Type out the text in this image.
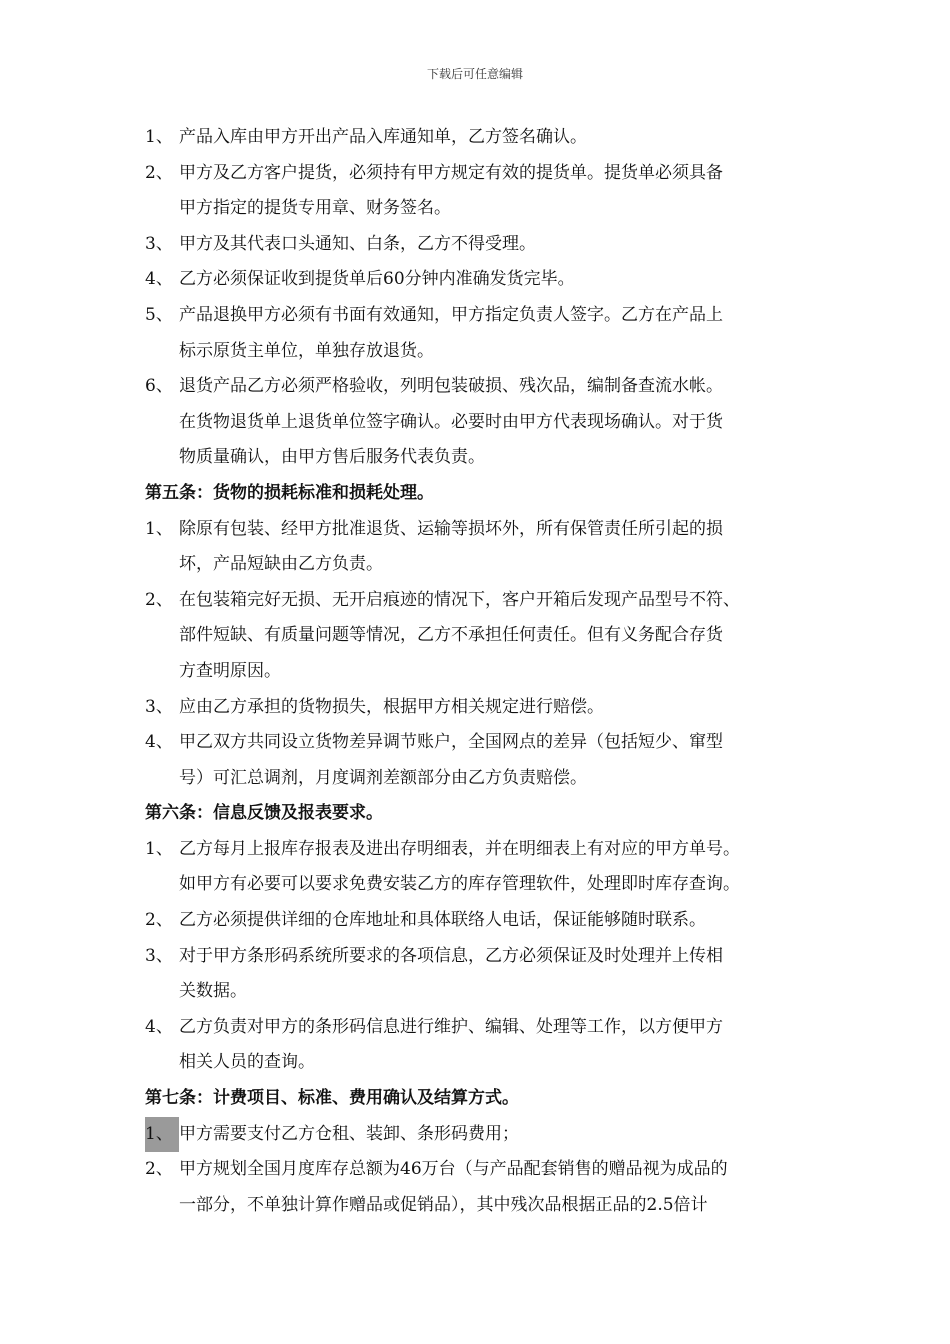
下载后可任意编辑
1、 产品入库由甲方开出产品入库通知单，乙方签名确认。
2、 甲方及乙方客户提货，必须持有甲方规定有效的提货单。提货单必须具备
甲方指定的提货专用章、财务签名。
3、 甲方及其代表口头通知、白条，乙方不得受理。
4、 乙方必须保证收到提货单后60分钟内准确发货完毕。
5、 产品退换甲方必须有书面有效通知，甲方指定负责人签字。乙方在产品上
标示原货主单位，单独存放退货。
6、 退货产品乙方必须严格验收，列明包装破损、残次品，编制备查流水帐。
在货物退货单上退货单位签字确认。必要时由甲方代表现场确认。对于货
物质量确认，由甲方售后服务代表负责。
第五条：货物的损耗标准和损耗处理。
1、 除原有包装、经甲方批准退货、运输等损坏外，所有保管责任所引起的损
坏，产品短缺由乙方负责。
2、 在包装箱完好无损、无开启痕迹的情况下，客户开箱后发现产品型号不符、
部件短缺、有质量问题等情况，乙方不承担任何责任。但有义务配合存货
方查明原因。
3、 应由乙方承担的货物损失，根据甲方相关规定进行赔偿。
4、 甲乙双方共同设立货物差异调节账户，全国网点的差异（包括短少、窜型
号）可汇总调剂，月度调剂差额部分由乙方负责赔偿。
第六条：信息反馈及报表要求。
1、 乙方每月上报库存报表及进出存明细表，并在明细表上有对应的甲方单号。
如甲方有必要可以要求免费安装乙方的库存管理软件，处理即时库存查询。
2、 乙方必须提供详细的仓库地址和具体联络人电话，保证能够随时联系。
3、 对于甲方条形码系统所要求的各项信息，乙方必须保证及时处理并上传相
关数据。
4、 乙方负责对甲方的条形码信息进行维护、编辑、处理等工作，以方便甲方
相关人员的查询。
第七条：计费项目、标准、费用确认及结算方式。
1、 甲方需要支付乙方仓租、装卸、条形码费用；
2、 甲方规划全国月度库存总额为46万台（与产品配套销售的赠品视为成品的
一部分，不单独计算作赠品或促销品），其中残次品根据正品的2.5倍计
